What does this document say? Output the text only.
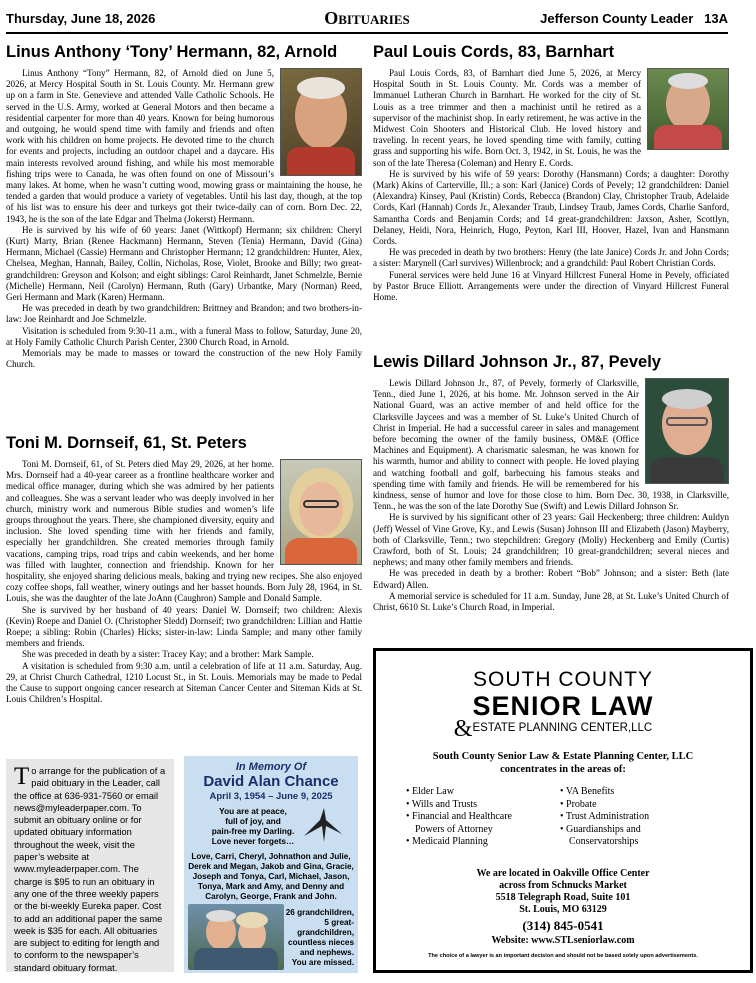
Thursday, June 18, 2026	Obituaries	Jefferson County Leader 13A
Linus Anthony ‘Tony’ Hermann, 82, Arnold

Linus Anthony “Tony” Hermann, 82, of Arnold died on June 5, 2026, at Mercy Hospital South in St. Louis County. Mr. Hermann grew up on a farm in Ste. Genevieve and attended Valle Catholic Schools. He served in the U.S. Army, worked at General Motors and then became a residential carpenter for more than 40 years. Known for being humorous and outgoing, he would spend time with family and friends and often work with his children on home projects. He devoted time to the church for events and projects, including an outdoor chapel and a daycare. His main interests revolved around fishing, and while his most memorable fishing trips were to Canada, he was often found on one of Missouri’s many lakes. At home, when he wasn’t cutting wood, mowing grass or maintaining the house, he tended a garden that would produce a variety of vegetables. Until his last day, though, at the top of his list was to ensure his deer and turkeys got their twice-daily can of corn. Born Dec. 22, 1943, he is the son of the late Edgar and Thelma (Jokerst) Hermann.

He is survived by his wife of 60 years: Janet (Wittkopf) Hermann; six children: Cheryl (Kurt) Marty, Brian (Renee Hackmann) Hermann, Steven (Tenia) Hermann, David (Gina) Hermann, Michael (Cassie) Hermann and Christopher Hermann; 12 grandchildren: Hunter, Alex, Chelsea, Meghan, Hannah, Bailey, Collin, Nicholas, Rose, Violet, Brooke and Billy; two great-grandchildren: Greyson and Kolson; and eight siblings: Carol Reinhardt, Janet Schmelzle, Bernie (Michelle) Hermann, Neil (Carolyn) Hermann, Ruth (Gary) Urbantke, Mary (Norman) Reed, Geri Hermann and Mark (Karen) Hermann.

He was preceded in death by two grandchildren: Brittney and Brandon; and two brothers-in-law: Joe Reinhardt and Joe Schmelzle.

Visitation is scheduled from 9:30-11 a.m., with a funeral Mass to follow, Saturday, June 20, at Holy Family Catholic Church Parish Center, 2300 Church Road, in Arnold.

Memorials may be made to masses or toward the construction of the new Holy Family Church.

Toni M. Dornseif, 61, St. Peters

Toni M. Dornseif, 61, of St. Peters died May 29, 2026, at her home. Mrs. Dornseif had a 40-year career as a frontline healthcare worker and medical office manager, during which she was admired by her patients and colleagues. She was a servant leader who was deeply involved in her church, ministry work and numerous Bible studies and women’s life groups throughout the years. There, she championed diversity, equity and inclusion. She loved spending time with her friends and family, especially her grandchildren. She created memories through family vacations, camping trips, road trips and cabin weekends, and her home was filled with laughter, connection and friendship. Known for her hospitality, she enjoyed sharing delicious meals, baking and trying new recipes. She also enjoyed cozy coffee shops, fall weather, winery outings and her basset hounds. Born July 28, 1964, in St. Louis, she was the daughter of the late JoAnn (Caughron) Sample and Donald Sample.

She is survived by her husband of 40 years: Daniel W. Dornseif; two children: Alexis (Kevin) Roepe and Daniel O. (Christopher Sledd) Dornseif; two grandchildren: Lillian and Hattie Roepe; a sibling: Robin (Charles) Hicks; sister-in-law: Linda Sample; and many other family members and friends.

She was preceded in death by a sister: Tracey Kay; and a brother: Mark Sample.

A visitation is scheduled from 9:30 a.m. until a celebration of life at 11 a.m. Saturday, Aug. 29, at Christ Church Cathedral, 1210 Locust St., in St. Louis. Memorials may be made to Pedal the Cause to support ongoing cancer research at Siteman Cancer Center and Siteman Kids at St. Louis Children’s Hospital.

Paul Louis Cords, 83, Barnhart

Paul Louis Cords, 83, of Barnhart died June 5, 2026, at Mercy Hospital South in St. Louis County. Mr. Cords was a member of Immanuel Lutheran Church in Barnhart. He worked for the city of St. Louis as a tree trimmer and then a machinist until he retired as a supervisor of the machinist shop. In early retirement, he was active in the Midwest Coin Shooters and Historical Club. He loved history and traveling. In recent years, he loved spending time with family, cutting grass and supporting his wife. Born Oct. 3, 1942, in St. Louis, he was the son of the late Theresa (Coleman) and Henry E. Cords.

He is survived by his wife of 59 years: Dorothy (Hansmann) Cords; a daughter: Dorothy (Mark) Akins of Carterville, Ill.; a son: Karl (Janice) Cords of Pevely; 12 grandchildren: Daniel (Alexandra) Kinsey, Paul (Kristin) Cords, Rebecca (Brandon) Clay, Christopher Traub, Adelaide Cords, Karl (Hannah) Cords Jr., Alexander Traub, Lindsey Traub, James Cords, Charlie Sanford, Samantha Cords and Benjamin Cords; and 14 great-grandchildren: Jaxson, Asher, Scottlyn, Delaney, Heidi, Nora, Heinrich, Hugo, Peyton, Karl III, Hoover, Hazel, Ivan and Hansmann Cords.

He was preceded in death by two brothers: Henry (the late Janice) Cords Jr. and John Cords; a sister: Marynell (Carl survives) Willenbrock; and a grandchild: Paul Robert Christian Cords.

Funeral services were held June 16 at Vinyard Hillcrest Funeral Home in Pevely, officiated by Pastor Bruce Elliott. Arrangements were under the direction of Vinyard Hillcrest Funeral Home.

Lewis Dillard Johnson Jr., 87, Pevely

Lewis Dillard Johnson Jr., 87, of Pevely, formerly of Clarksville, Tenn., died June 1, 2026, at his home. Mr. Johnson served in the Air National Guard, was an active member of and held office for the Clarksville Jaycees and was a member of St. Luke’s United Church of Christ in Imperial. He had a successful career in sales and management before becoming the owner of the family business, OM&E (Office Machines and Equipment). A charismatic salesman, he was known for his warmth, humor and ability to connect with people. He loved playing and watching football and golf, barbecuing his famous steaks and spending time with family and friends. He will be remembered for his kindness, sense of humor and love for those close to him. Born Dec. 30, 1938, in Clarksville, Tenn., he was the son of the late Dorothy Sue (Swift) and Lewis Dillard Johnson Sr.

He is survived by his significant other of 23 years: Gail Heckenberg; three children: Auldyn (Jeff) Wessel of Vine Grove, Ky., and Lewis (Susan) Johnson III and Elizabeth (Jason) Mayberry, both of Clarksville, Tenn.; two stepchildren: Gregory (Molly) Heckenberg and Emily (Curtis) Crawford, both of St. Louis; 24 grandchildren; 10 great-grandchildren; several nieces and nephews; and many other family members and friends.

He was preceded in death by a brother: Robert “Bob” Johnson; and a sister: Beth (late Edward) Allen.

A memorial service is scheduled for 11 a.m. Sunday, June 28, at St. Luke’s United Church of Christ, 6610 St. Luke’s Church Road, in Imperial.

To arrange for the publication of a paid obituary in the Leader, call the office at 636-931-7560 or email news@myleaderpaper.com. To submit an obituary online or for updated obituary information throughout the week, visit the paper’s website at www.myleaderpaper.com. The charge is $95 to run an obituary in any one of the three weekly papers or the bi-weekly Eureka paper. Cost to add an additional paper the same week is $35 for each. All obituaries are subject to editing for length and to conform to the newspaper’s standard obituary format.
In Memory Of
David Alan Chance
April 3, 1954 – June 9, 2025
You are at peace,
full of joy, and
pain-free my Darling.
Love never forgets…
Love, Carri, Cheryl, Johnathon and Julie, Derek and Megan, Jakob and Gina, Gracie, Joseph and Tonya, Carl, Michael, Jason, Tonya, Mark and Amy, and Denny and Carolyn, George, Frank and John.
26 grandchildren,
5 great-grandchildren,
countless nieces
and nephews.
You are missed.
SOUTH COUNTY
SENIOR LAW
&ESTATE PLANNING CENTER,LLC
South County Senior Law & Estate Planning Center, LLC
concentrates in the areas of:
• Elder Law
• Wills and Trusts
• Financial and Healthcare
Powers of Attorney
• Medicaid Planning
• VA Benefits
• Probate
• Trust Administration
• Guardianships and
Conservatorships
We are located in Oakville Office Center
across from Schnucks Market
5518 Telegraph Road, Suite 101
St. Louis, MO 63129
(314) 845-0541
Website: www.STLseniorlaw.com
The choice of a lawyer is an important decision and should not be based solely upon advertisements.
